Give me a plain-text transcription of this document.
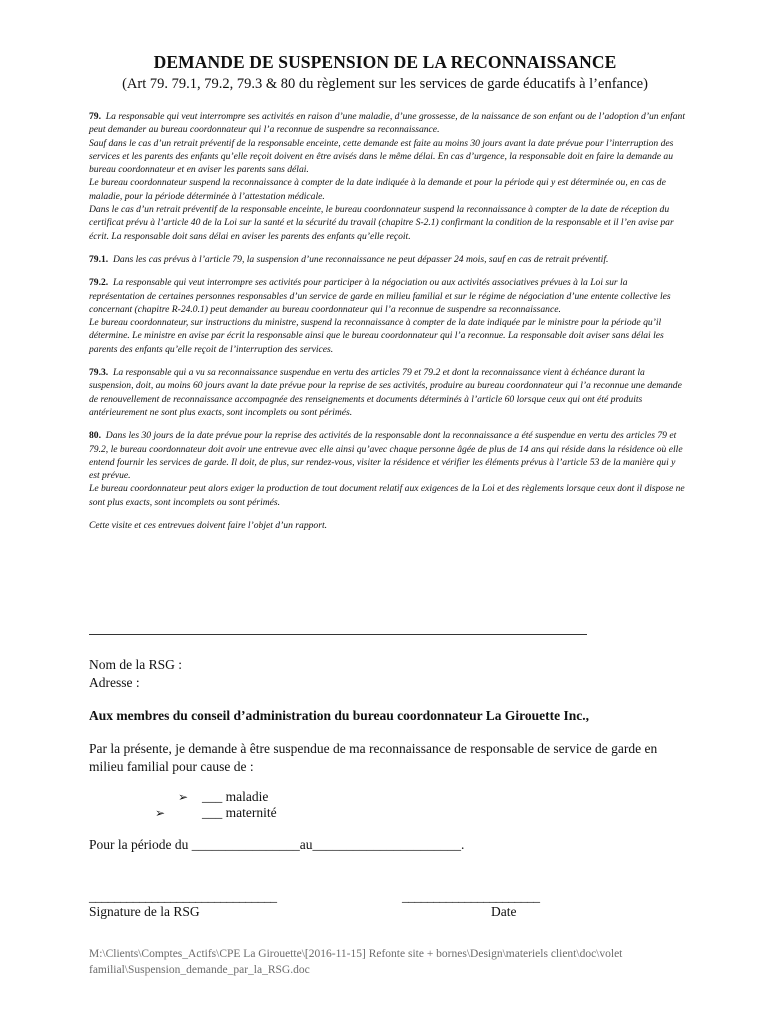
DEMANDE DE SUSPENSION DE LA RECONNAISSANCE
(Art 79. 79.1, 79.2, 79.3 & 80 du règlement sur les services de garde éducatifs à l’enfance)

79. La responsable qui veut interrompre ses activités en raison d’une maladie, d’une grossesse, de la naissance de son enfant ou de l’adoption d’un enfant peut demander au bureau coordonnateur qui l’a reconnue de suspendre sa reconnaissance.
Sauf dans le cas d’un retrait préventif de la responsable enceinte, cette demande est faite au moins 30 jours avant la date prévue pour l’interruption des services et les parents des enfants qu’elle reçoit doivent en être avisés dans le même délai. En cas d’urgence, la responsable doit en faire la demande au bureau coordonnateur et en aviser les parents sans délai.
Le bureau coordonnateur suspend la reconnaissance à compter de la date indiquée à la demande et pour la période qui y est déterminée ou, en cas de maladie, pour la période déterminée à l’attestation médicale.
Dans le cas d’un retrait préventif de la responsable enceinte, le bureau coordonnateur suspend la reconnaissance à compter de la date de réception du certificat prévu à l’article 40 de la Loi sur la santé et la sécurité du travail (chapitre S-2.1) confirmant la condition de la responsable et il l’en avise par écrit. La responsable doit sans délai en aviser les parents des enfants qu’elle reçoit.

79.1. Dans les cas prévus à l’article 79, la suspension d’une reconnaissance ne peut dépasser 24 mois, sauf en cas de retrait préventif.

79.2. La responsable qui veut interrompre ses activités pour participer à la négociation ou aux activités associatives prévues à la Loi sur la représentation de certaines personnes responsables d’un service de garde en milieu familial et sur le régime de négociation d’une entente collective les concernant (chapitre R-24.0.1) peut demander au bureau coordonnateur qui l’a reconnue de suspendre sa reconnaissance.
Le bureau coordonnateur, sur instructions du ministre, suspend la reconnaissance à compter de la date indiquée par le ministre pour la période qu’il détermine. Le ministre en avise par écrit la responsable ainsi que le bureau coordonnateur qui l’a reconnue. La responsable doit aviser sans délai les parents des enfants qu’elle reçoit de l’interruption des services.

79.3. La responsable qui a vu sa reconnaissance suspendue en vertu des articles 79 et 79.2 et dont la reconnaissance vient à échéance durant la suspension, doit, au moins 60 jours avant la date prévue pour la reprise de ses activités, produire au bureau coordonnateur qui l’a reconnue une demande de renouvellement de reconnaissance accompagnée des renseignements et documents déterminés à l’article 60 lorsque ceux qui ont été produits antérieurement ne sont plus exacts, sont incomplets ou sont périmés.

80. Dans les 30 jours de la date prévue pour la reprise des activités de la responsable dont la reconnaissance a été suspendue en vertu des articles 79 et 79.2, le bureau coordonnateur doit avoir une entrevue avec elle ainsi qu’avec chaque personne âgée de plus de 14 ans qui réside dans la résidence où elle entend fournir les services de garde. Il doit, de plus, sur rendez-vous, visiter la résidence et vérifier les éléments prévus à l’article 53 de la manière qui y est prévue.
Le bureau coordonnateur peut alors exiger la production de tout document relatif aux exigences de la Loi et des règlements lorsque ceux dont il dispose ne sont plus exacts, sont incomplets ou sont périmés.

Cette visite et ces entrevues doivent faire l’objet d’un rapport.

Nom de la RSG :
Adresse :
Aux membres du conseil d’administration du bureau coordonnateur La Girouette Inc.,
Par la présente, je demande à être suspendue de ma reconnaissance de responsable de service de garde en milieu familial pour cause de :
➢
➢
___ maladie
___ maternité
Pour la période du ________________au______________________.
______________________________	______________________
Signature de la RSG	Date
M:\Clients\Comptes_Actifs\CPE La Girouette\[2016-11-15] Refonte site + bornes\Design\materiels client\doc\volet familial\Suspension_demande_par_la_RSG.doc
